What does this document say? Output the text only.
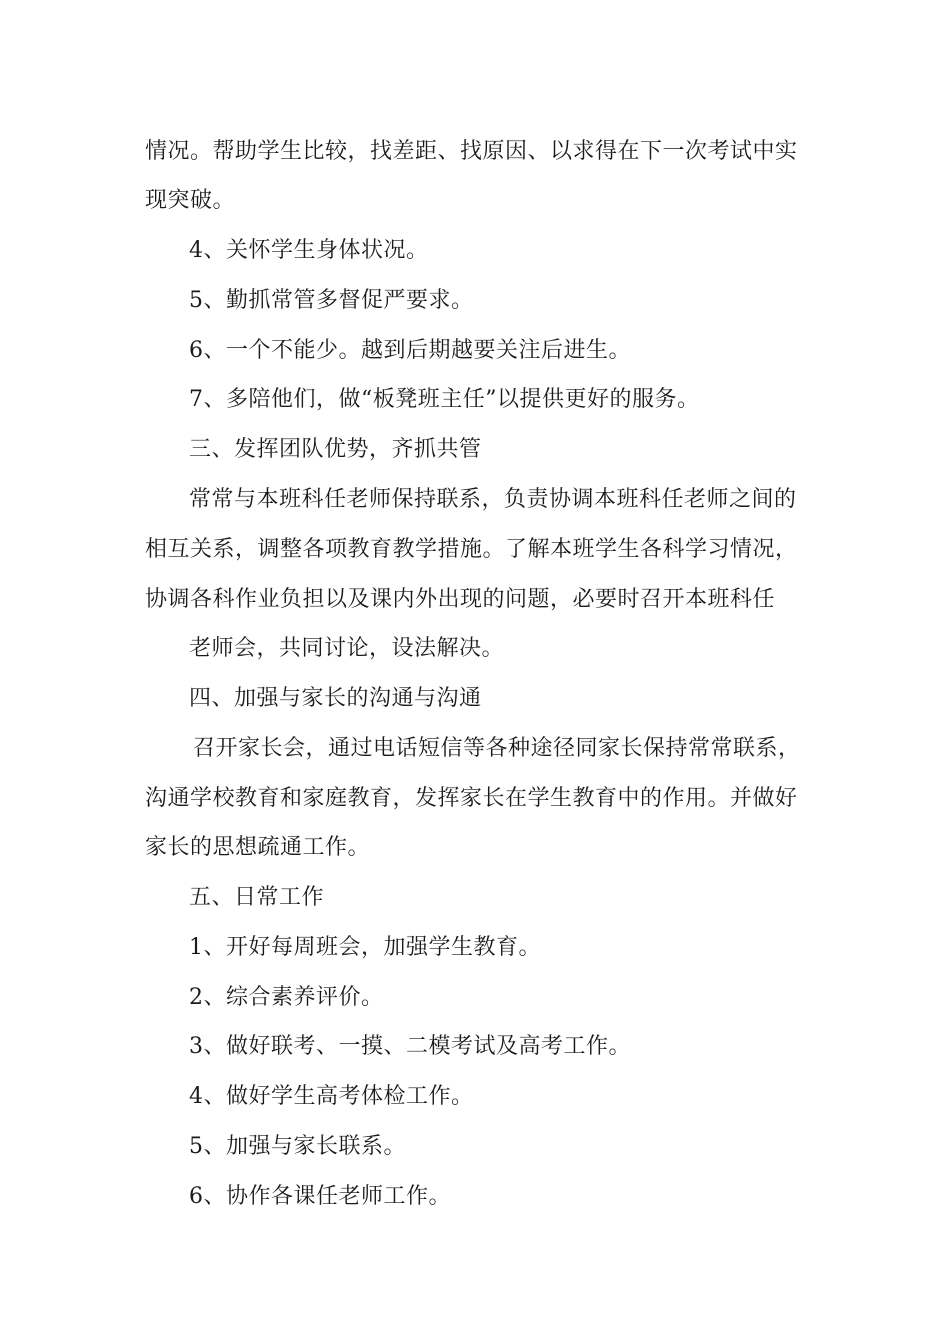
情况。帮助学生比较，找差距、找原因、以求得在下一次考试中实
现突破。
4、关怀学生身体状况。
5、勤抓常管多督促严要求。
6、一个不能少。越到后期越要关注后进生。
7、多陪他们，做“板凳班主任”以提供更好的服务。
三、发挥团队优势，齐抓共管
常常与本班科任老师保持联系，负责协调本班科任老师之间的
相互关系，调整各项教育教学措施。了解本班学生各科学习情况，
协调各科作业负担以及课内外出现的问题，必要时召开本班科任
老师会，共同讨论，设法解决。
四、加强与家长的沟通与沟通
召开家长会，通过电话短信等各种途径同家长保持常常联系，
沟通学校教育和家庭教育，发挥家长在学生教育中的作用。并做好
家长的思想疏通工作。
五、日常工作
1、开好每周班会，加强学生教育。
2、综合素养评价。
3、做好联考、一摸、二模考试及高考工作。
4、做好学生高考体检工作。
5、加强与家长联系。
6、协作各课任老师工作。
